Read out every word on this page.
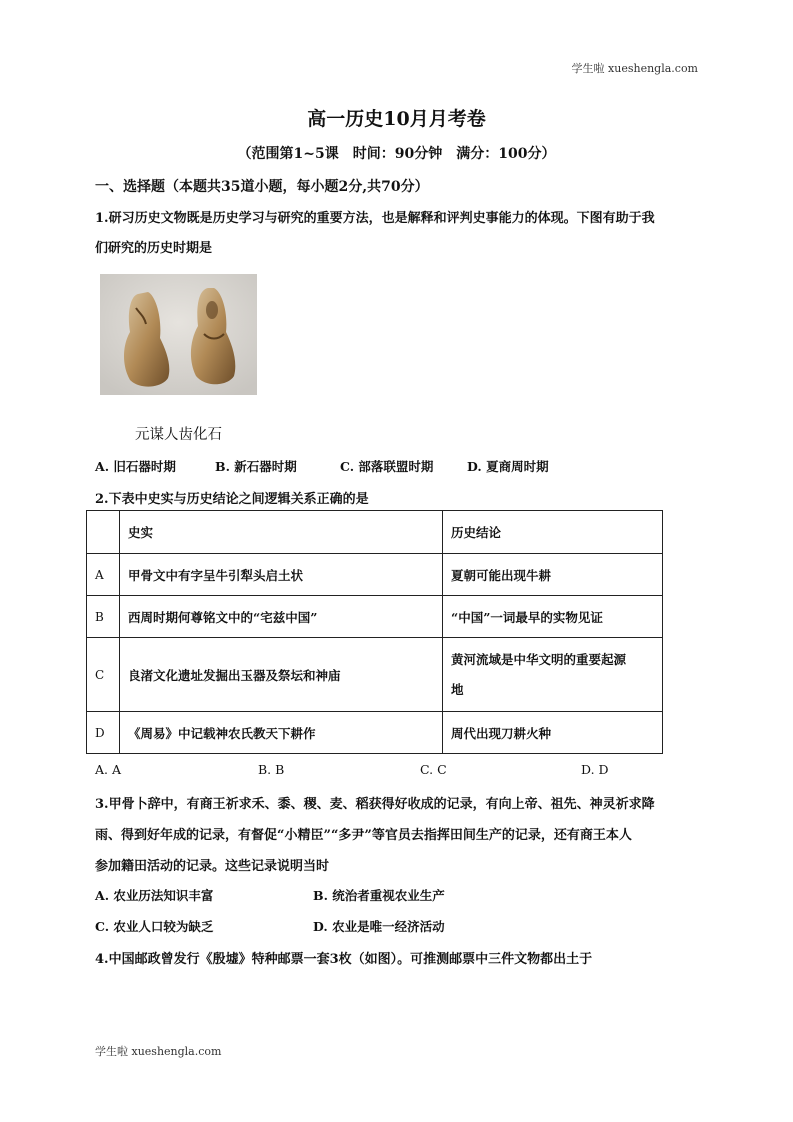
学生啦 xueshengla.com
学生啦 xueshengla.com
高一历史10月月考卷
（范围第1~5课　时间：90分钟　满分：100分）
一、选择题（本题共35道小题，每小题2分,共70分）
1.研习历史文物既是历史学习与研究的重要方法，也是解释和评判史事能力的体现。下图有助于我
们研究的历史时期是
元谋人齿化石
A. 旧石器时期	B. 新石器时期	C. 部落联盟时期	D. 夏商周时期
2.下表中史实与历史结论之间逻辑关系正确的是
	史实	历史结论
A	甲骨文中有字呈牛引犁头启土状	夏朝可能出现牛耕
B	西周时期何尊铭文中的“宅兹中国”	“中国”一词最早的实物见证
C	良渚文化遗址发掘出玉器及祭坛和神庙	黄河流域是中华文明的重要起源
地

D	《周易》中记载神农氏教天下耕作	周代出现刀耕火种
A. A	B. B	C. C	D. D
3.甲骨卜辞中，有商王祈求禾、黍、稷、麦、稻获得好收成的记录，有向上帝、祖先、神灵祈求降
雨、得到好年成的记录，有督促“小精臣”“多尹”等官员去指挥田间生产的记录，还有商王本人
参加籍田活动的记录。这些记录说明当时
A. 农业历法知识丰富	B. 统治者重视农业生产
C. 农业人口较为缺乏	D. 农业是唯一经济活动
4.中国邮政曾发行《殷墟》特种邮票一套3枚（如图）。可推测邮票中三件文物都出土于
